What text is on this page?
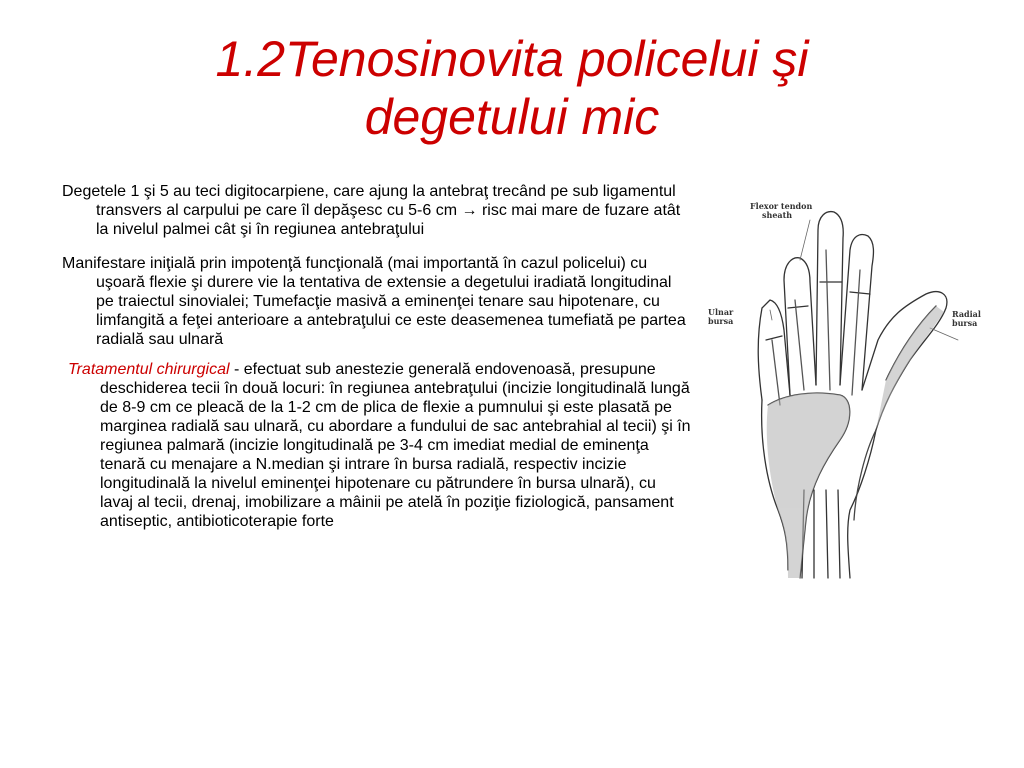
1.2Tenosinovita policelui şi degetului mic

Degetele 1 şi 5 au teci digitocarpiene, care ajung la antebraţ trecând pe sub ligamentul transvers al carpului pe care îl depăşesc cu 5-6 cm → risc mai mare de fuzare atât la nivelul palmei cât şi în regiunea antebraţului

Manifestare iniţială prin impotenţă funcţională (mai importantă în cazul policelui) cu uşoară flexie şi durere vie la tentativa de extensie a degetului iradiată longitudinal pe traiectul sinovialei; Tumefacţie masivă a eminenţei tenare sau hipotenare, cu limfangită a feţei anterioare a antebraţului ce este deasemenea tumefiată pe partea radială sau ulnară

Tratamentul chirurgical - efectuat sub anestezie generală endovenoasă, presupune deschiderea tecii în două locuri: în regiunea antebraţului (incizie longitudinală lungă de 8-9 cm ce pleacă de la 1-2 cm de plica de flexie a pumnului şi este plasată pe marginea radială sau ulnară, cu abordare a fundului de sac antebrahial al tecii) şi în regiunea palmară (incizie longitudinală pe 3-4 cm imediat medial de eminenţa tenară cu menajare a N.median şi intrare în bursa radială, respectiv incizie longitudinală la nivelul eminenţei hipotenare cu pătrundere în bursa ulnară), cu lavaj al tecii, drenaj, imobilizare a mâinii pe atelă în poziţie fiziologică, pansament antiseptic, antibioticoterapie forte

Flexor tendon
sheath
Ulnar
bursa
Radial
bursa
